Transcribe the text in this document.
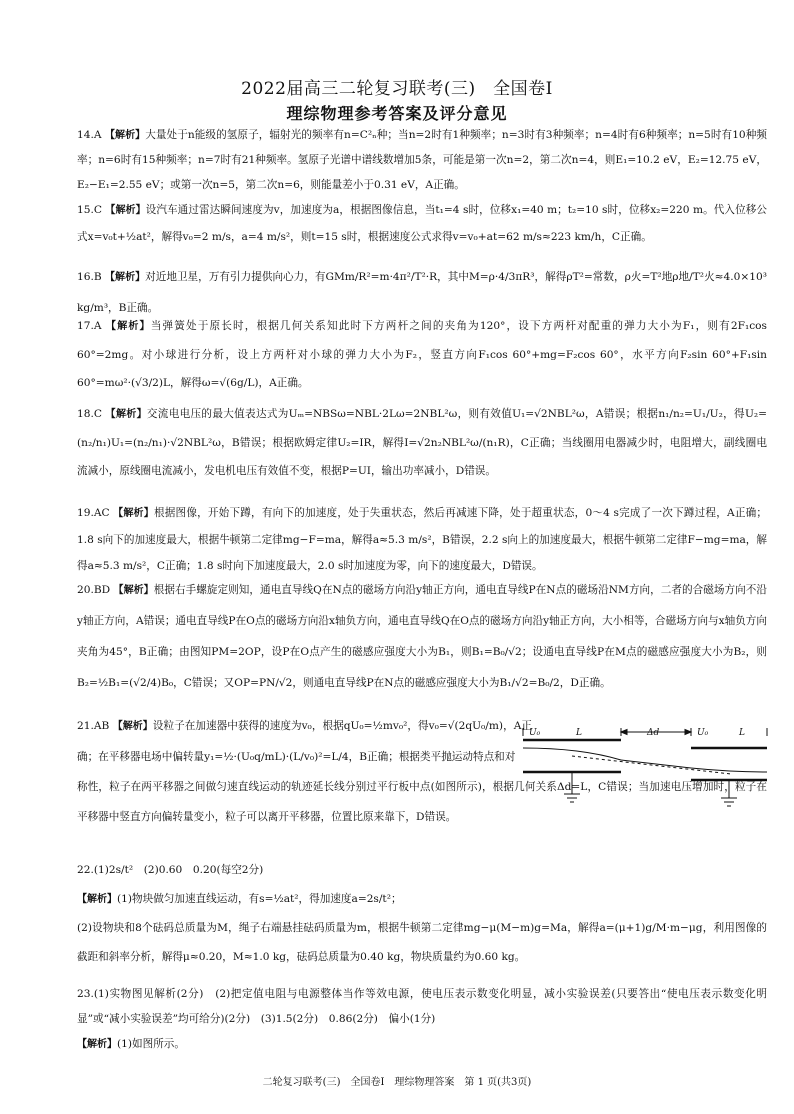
2022届高三二轮复习联考(三)　全国卷Ⅰ
理综物理参考答案及评分意见
14.A 【解析】大量处于n能级的氢原子，辐射光的频率有n=C²ₙ种；当n=2时有1种频率；n=3时有3种频率；n=4时有6种频率；n=5时有10种频率；n=6时有15种频率；n=7时有21种频率。氢原子光谱中谱线数增加5条，可能是第一次n=2，第二次n=4，则E₁=10.2 eV，E₂=12.75 eV，E₂−E₁=2.55 eV；或第一次n=5，第二次n=6，则能量差小于0.31 eV，A正确。
15.C 【解析】设汽车通过雷达瞬间速度为v，加速度为a，根据图像信息，当t₁=4 s时，位移x₁=40 m；t₂=10 s时，位移x₂=220 m。代入位移公式x=v₀t+½at²，解得v₀=2 m/s，a=4 m/s²，则t=15 s时，根据速度公式求得v=v₀+at=62 m/s≈223 km/h，C正确。
16.B 【解析】对近地卫星，万有引力提供向心力，有GMm/R²=m·4π²/T²·R，其中M=ρ·4/3πR³，解得ρT²=常数，ρ火=T²地ρ地/T²火≈4.0×10³ kg/m³，B正确。
17.A 【解析】当弹簧处于原长时，根据几何关系知此时下方两杆之间的夹角为120°，设下方两杆对配重的弹力大小为F₁，则有2F₁cos 60°=2mg。对小球进行分析，设上方两杆对小球的弹力大小为F₂，竖直方向F₁cos 60°+mg=F₂cos 60°，水平方向F₂sin 60°+F₁sin 60°=mω²·(√3/2)L，解得ω=√(6g/L)，A正确。
18.C 【解析】交流电电压的最大值表达式为Uₘ=NBSω=NBL·2Lω=2NBL²ω，则有效值U₁=√2NBL²ω，A错误；根据n₁/n₂=U₁/U₂，得U₂=(n₂/n₁)U₁=(n₂/n₁)·√2NBL²ω，B错误；根据欧姆定律U₂=IR，解得I=√2n₂NBL²ω/(n₁R)，C正确；当线圈用电器减少时，电阻增大，副线圈电流减小，原线圈电流减小，发电机电压有效值不变，根据P=UI，输出功率减小，D错误。
19.AC 【解析】根据图像，开始下蹲，有向下的加速度，处于失重状态，然后再减速下降，处于超重状态，0～4 s完成了一次下蹲过程，A正确；1.8 s向下的加速度最大，根据牛顿第二定律mg−F=ma，解得a≈5.3 m/s²，B错误，2.2 s向上的加速度最大，根据牛顿第二定律F−mg=ma，解得a≈5.3 m/s²，C正确；1.8 s时向下加速度最大，2.0 s时加速度为零，向下的速度最大，D错误。
20.BD 【解析】根据右手螺旋定则知，通电直导线Q在N点的磁场方向沿y轴正方向，通电直导线P在N点的磁场沿NM方向，二者的合磁场方向不沿y轴正方向，A错误；通电直导线P在O点的磁场方向沿x轴负方向，通电直导线Q在O点的磁场方向沿y轴正方向，大小相等，合磁场方向与x轴负方向夹角为45°，B正确；由图知PM=2OP，设P在O点产生的磁感应强度大小为B₁，则B₁=B₀/√2；设通电直导线P在M点的磁感应强度大小为B₂，则B₂=½B₁=(√2/4)B₀，C错误；又OP=PN/√2，则通电直导线P在N点的磁感应强度大小为B₁/√2=B₀/2，D正确。
21.AB 【解析】设粒子在加速器中获得的速度为v₀，根据qU₀=½mv₀²，得v₀=√(2qU₀/m)，A正确；在平移器电场中偏转量y₁=½·(U₀q/mL)·(L/v₀)²=L/4，B正确；根据类平抛运动特点和对
称性，粒子在两平移器之间做匀速直线运动的轨迹延长线分别过平行板中点(如图所示)，根据几何关系Δd=L，C错误；当加速电压增加时，粒子在平移器中竖直方向偏转量变小，粒子可以离开平移器，位置比原来靠下，D错误。
U₀	L	Δd	U₀	L
22.(1)2s/t²　(2)0.60　0.20(每空2分)
【解析】(1)物块做匀加速直线运动，有s=½at²，得加速度a=2s/t²；
(2)设物块和8个砝码总质量为M，绳子右端悬挂砝码质量为m，根据牛顿第二定律mg−μ(M−m)g=Ma，解得a=(μ+1)g/M·m−μg，利用图像的截距和斜率分析，解得μ≈0.20，M≈1.0 kg，砝码总质量为0.40 kg，物块质量约为0.60 kg。
23.(1)实物图见解析(2分)　(2)把定值电阻与电源整体当作等效电源，使电压表示数变化明显，减小实验误差(只要答出“使电压表示数变化明显”或“减小实验误差”均可给分)(2分)　(3)1.5(2分)　0.86(2分)　偏小(1分)
【解析】(1)如图所示。
二轮复习联考(三)　全国卷Ⅰ　理综物理答案　第 1 页(共3页)
